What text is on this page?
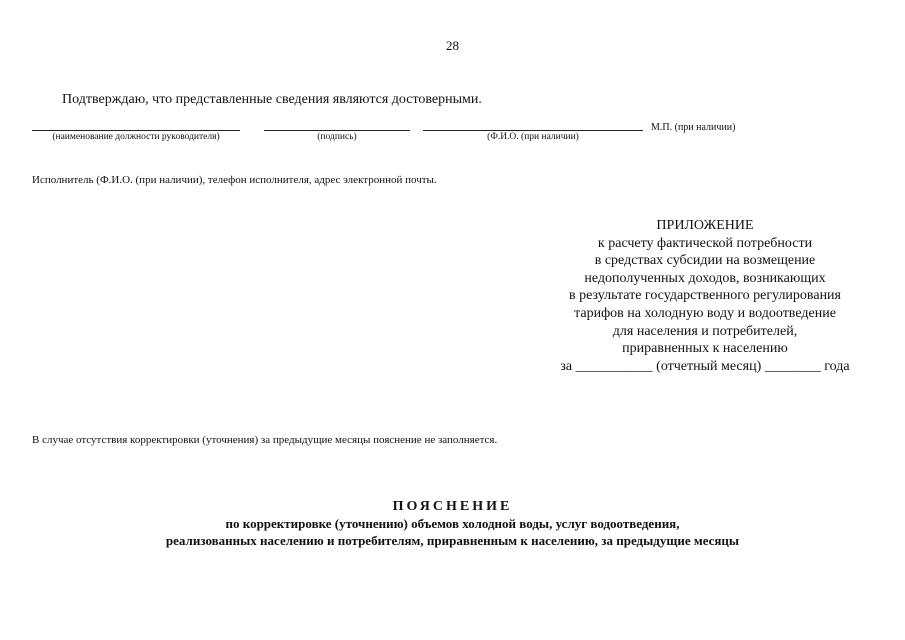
28
Подтверждаю, что представленные сведения являются достоверными.
(наименование должности руководителя)	(подпись)	(Ф.И.О. (при наличии)
М.П. (при наличии)
Исполнитель (Ф.И.О. (при наличии), телефон исполнителя, адрес электронной почты.
ПРИЛОЖЕНИЕ
к расчету фактической потребности
в средствах субсидии на возмещение
недополученных доходов, возникающих
в результате государственного регулирования
тарифов на холодную воду и водоотведение
для населения и потребителей,
приравненных к населению
за ___________ (отчетный месяц) ________ года
В случае отсутствия корректировки (уточнения) за предыдущие месяцы пояснение не заполняется.
ПОЯСНЕНИЕ
по корректировке (уточнению) объемов холодной воды, услуг водоотведения,
реализованных населению и потребителям, приравненным к населению, за предыдущие месяцы
